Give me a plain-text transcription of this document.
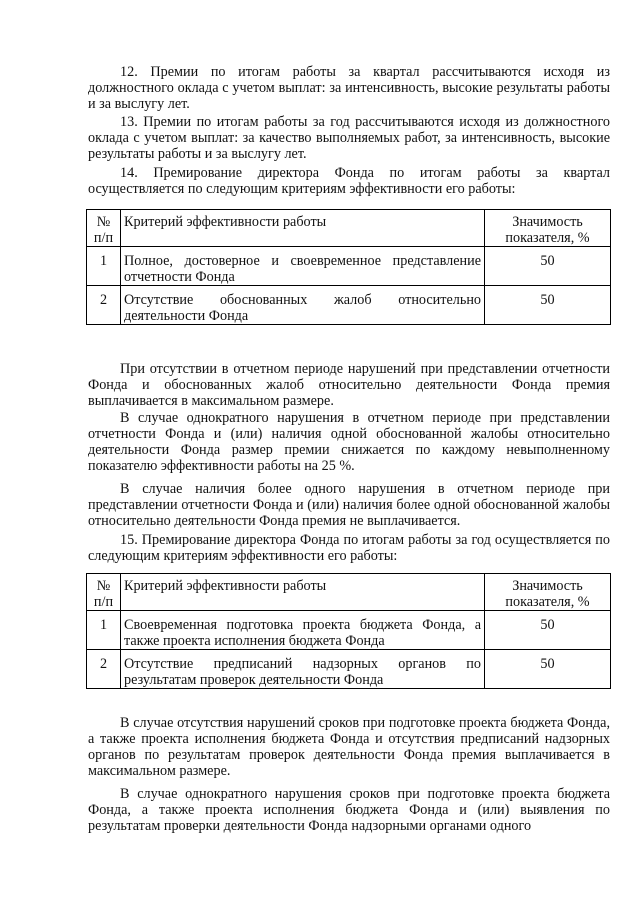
12. Премии по итогам работы за квартал рассчитываются исходя из должностного оклада с учетом выплат: за интенсивность, высокие результаты работы и за выслугу лет.

13. Премии по итогам работы за год рассчитываются исходя из должностного оклада с учетом выплат: за качество выполняемых работ, за интенсивность, высокие результаты работы и за выслугу лет.

14. Премирование директора Фонда по итогам работы за квартал осуществляется по следующим критериям эффективности его работы:

№ п/п	Критерий эффективности работы	Значимость показателя, %
1	Полное, достоверное и своевременное представление отчетности Фонда	50
2	Отсутствие обоснованных жалоб относительно деятельности Фонда	50

При отсутствии в отчетном периоде нарушений при представлении отчетности Фонда и обоснованных жалоб относительно деятельности Фонда премия выплачивается в максимальном размере.

В случае однократного нарушения в отчетном периоде при представлении отчетности Фонда и (или) наличия одной обоснованной жалобы относительно деятельности Фонда размер премии снижается по каждому невыполненному показателю эффективности работы на 25 %.

В случае наличия более одного нарушения в отчетном периоде при представлении отчетности Фонда и (или) наличия более одной обоснованной жалобы относительно деятельности Фонда премия не выплачивается.

15. Премирование директора Фонда по итогам работы за год осуществляется по следующим критериям эффективности его работы:

№ п/п	Критерий эффективности работы	Значимость показателя, %
1	Своевременная подготовка проекта бюджета Фонда, а также проекта исполнения бюджета Фонда	50
2	Отсутствие предписаний надзорных органов по результатам проверок деятельности Фонда	50

В случае отсутствия нарушений сроков при подготовке проекта бюджета Фонда, а также проекта исполнения бюджета Фонда и отсутствия предписаний надзорных органов по результатам проверок деятельности Фонда премия выплачивается в максимальном размере.

В случае однократного нарушения сроков при подготовке проекта бюджета Фонда, а также проекта исполнения бюджета Фонда и (или) выявления по результатам проверки деятельности Фонда надзорными органами одного
